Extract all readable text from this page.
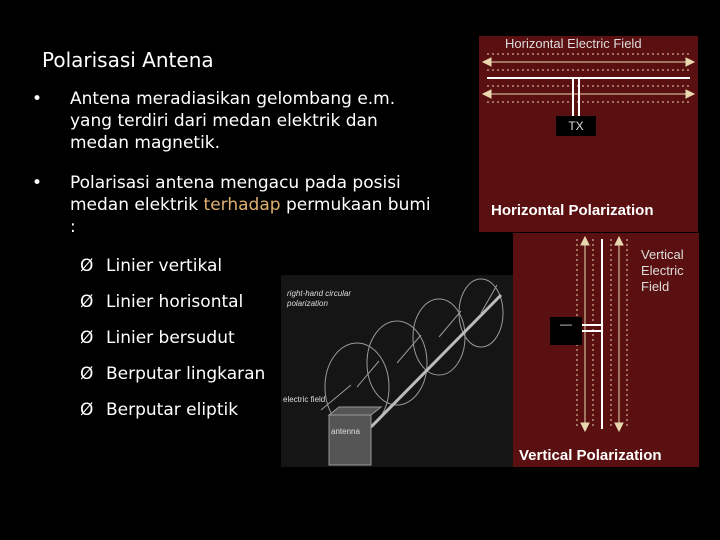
Polarisasi Antena
• Antena meradiasikan gelombang e.m. yang terdiri dari medan elektrik dan medan magnetik.
• Polarisasi antena mengacu pada posisi medan elektrik terhadap permukaan bumi :
Ø Linier vertikal
Ø Linier horisontal
Ø Linier bersudut
Ø Berputar lingkaran
Ø Berputar eliptik
Horizontal Electric Field
TX
Horizontal Polarization
—
Vertical
Electric
Field
Vertical Polarization
right-hand circular
polarization
electric field
antenna
